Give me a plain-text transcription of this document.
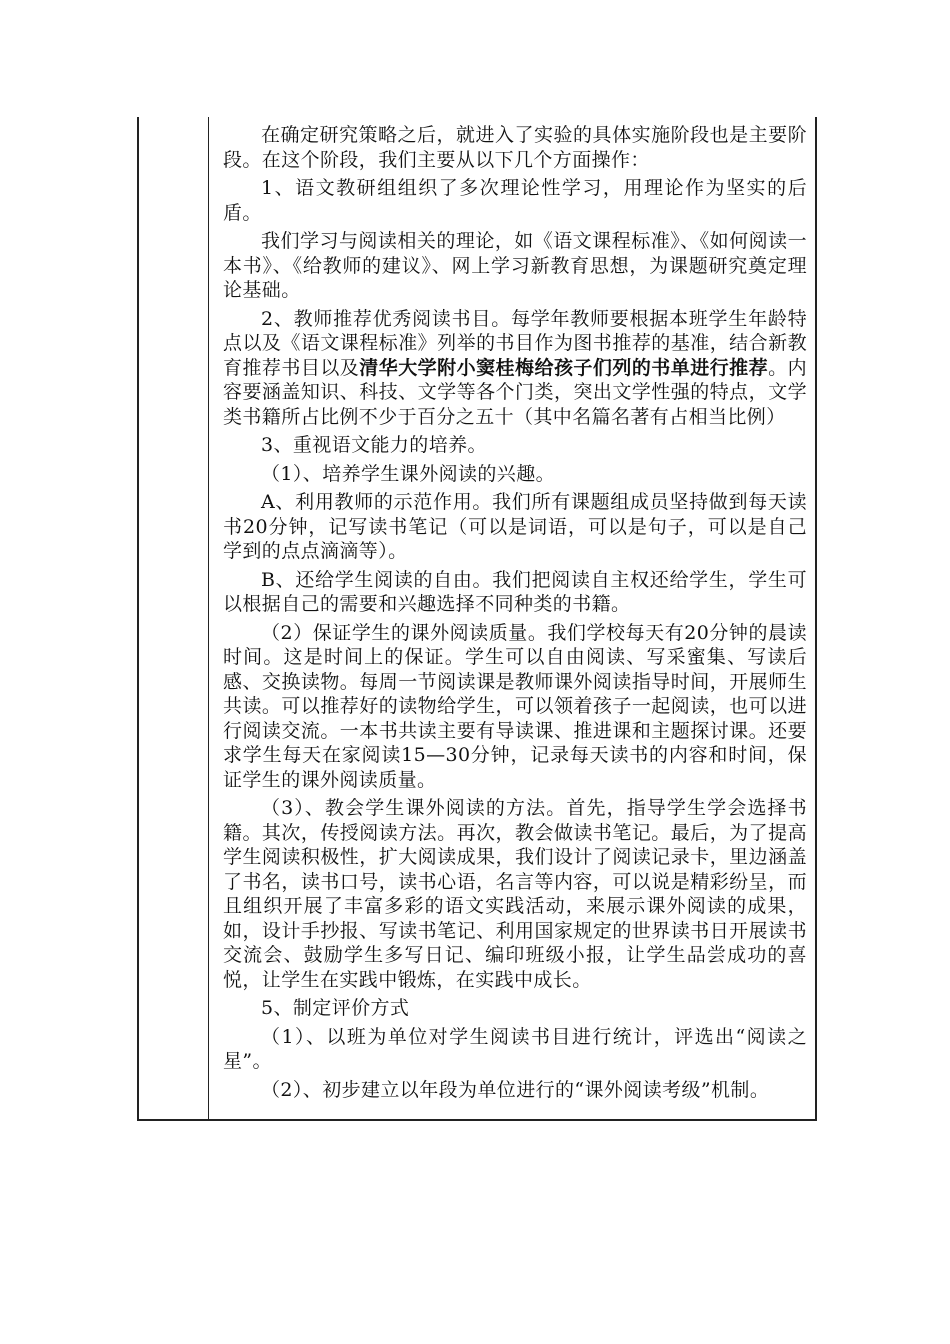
在确定研究策略之后，就进入了实验的具体实施阶段也是主要阶段。在这个阶段，我们主要从以下几个方面操作：

1、语文教研组组织了多次理论性学习，用理论作为坚实的后盾。

我们学习与阅读相关的理论，如《语文课程标准》、《如何阅读一本书》、《给教师的建议》、网上学习新教育思想，为课题研究奠定理论基础。

2、教师推荐优秀阅读书目。每学年教师要根据本班学生年龄特点以及《语文课程标准》列举的书目作为图书推荐的基准，结合新教育推荐书目以及清华大学附小窦桂梅给孩子们列的书单进行推荐。内容要涵盖知识、科技、文学等各个门类，突出文学性强的特点，文学类书籍所占比例不少于百分之五十（其中名篇名著有占相当比例）

3、重视语文能力的培养。

（1）、培养学生课外阅读的兴趣。

A、利用教师的示范作用。我们所有课题组成员坚持做到每天读书20分钟，记写读书笔记（可以是词语，可以是句子，可以是自己学到的点点滴滴等）。

B、还给学生阅读的自由。我们把阅读自主权还给学生，学生可以根据自己的需要和兴趣选择不同种类的书籍。

（2）保证学生的课外阅读质量。我们学校每天有20分钟的晨读时间。这是时间上的保证。学生可以自由阅读、写采蜜集、写读后感、交换读物。每周一节阅读课是教师课外阅读指导时间，开展师生共读。可以推荐好的读物给学生，可以领着孩子一起阅读，也可以进行阅读交流。一本书共读主要有导读课、推进课和主题探讨课。还要求学生每天在家阅读15—30分钟，记录每天读书的内容和时间，保证学生的课外阅读质量。

（3）、教会学生课外阅读的方法。首先，指导学生学会选择书籍。其次，传授阅读方法。再次，教会做读书笔记。最后，为了提高学生阅读积极性，扩大阅读成果，我们设计了阅读记录卡，里边涵盖了书名，读书口号，读书心语，名言等内容，可以说是精彩纷呈，而且组织开展了丰富多彩的语文实践活动，来展示课外阅读的成果，如，设计手抄报、写读书笔记、利用国家规定的世界读书日开展读书交流会、鼓励学生多写日记、编印班级小报，让学生品尝成功的喜悦，让学生在实践中锻炼，在实践中成长。

5、制定评价方式

（1）、以班为单位对学生阅读书目进行统计，评选出“阅读之星”。

（2）、初步建立以年段为单位进行的“课外阅读考级”机制。
